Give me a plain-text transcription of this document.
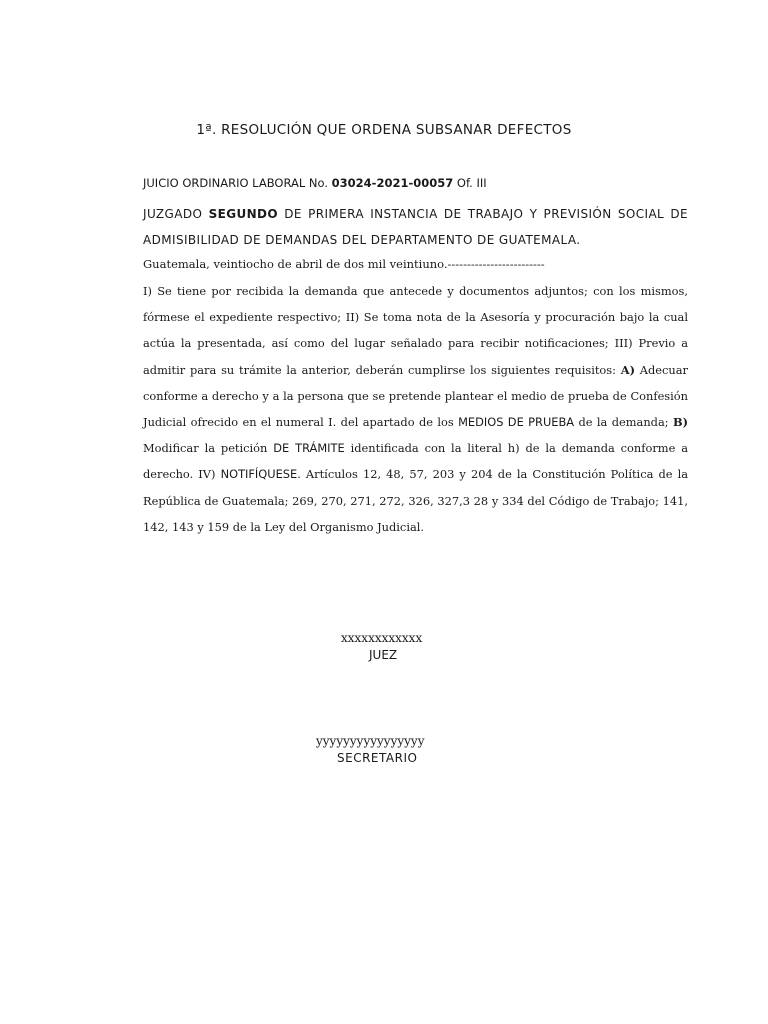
1ª. RESOLUCIÓN QUE ORDENA SUBSANAR DEFECTOS

JUICIO ORDINARIO LABORAL No. 03024-2021-00057 Of. III

JUZGADO SEGUNDO DE PRIMERA INSTANCIA DE TRABAJO Y PREVISIÓN SOCIAL DE ADMISIBILIDAD DE DEMANDAS DEL DEPARTAMENTO DE GUATEMALA.

Guatemala, veintiocho de abril de dos mil veintiuno.-------------------------

I) Se tiene por recibida la demanda que antecede y documentos adjuntos; con los mismos, fórmese el expediente respectivo; II) Se toma nota de la Asesoría y procuración bajo la cual actúa la presentada, así como del lugar señalado para recibir notificaciones; III) Previo a admitir para su trámite la anterior, deberán cumplirse los siguientes requisitos: A) Adecuar conforme a derecho y a la persona que se pretende plantear el medio de prueba de Confesión Judicial ofrecido en el numeral I. del apartado de los MEDIOS DE PRUEBA de la demanda; B) Modificar la petición DE TRÁMITE identificada con la literal h) de la demanda conforme a derecho. IV) NOTIFÍQUESE. Artículos 12, 48, 57, 203 y 204 de la Constitución Política de la República de Guatemala; 269, 270, 271, 272, 326, 327,3 28 y 334 del Código de Trabajo; 141, 142, 143 y 159 de la Ley del Organismo Judicial.

xxxxxxxxxxxx

JUEZ

yyyyyyyyyyyyyyyy

SECRETARIO
